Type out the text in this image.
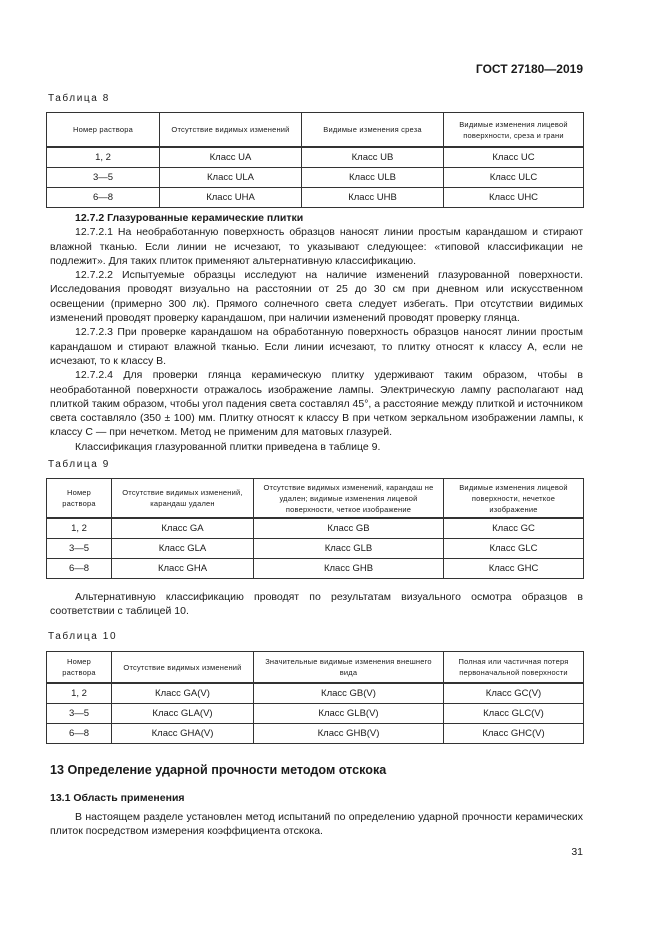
ГОСТ 27180—2019
Таблица 8
Номер раствора	Отсутствие видимых изменений	Видимые изменения среза	Видимые изменения лицевой поверхности, среза и грани
1, 2	Класс UA	Класс UB	Класс UC
3—5	Класс ULA	Класс ULB	Класс ULC
6—8	Класс UHA	Класс UHB	Класс UHC

12.7.2 Глазурованные керамические плитки

12.7.2.1 На необработанную поверхность образцов наносят линии простым карандашом и стирают влажной тканью. Если линии не исчезают, то указывают следующее: «типовой классификации не подлежит». Для таких плиток применяют альтернативную классификацию.

12.7.2.2 Испытуемые образцы исследуют на наличие изменений глазурованной поверхности. Исследования проводят визуально на расстоянии от 25 до 30 см при дневном или искусственном освещении (примерно 300 лк). Прямого солнечного света следует избегать. При отсутствии видимых изменений проводят проверку карандашом, при наличии изменений проводят проверку глянца.

12.7.2.3 При проверке карандашом на обработанную поверхность образцов наносят линии простым карандашом и стирают влажной тканью. Если линии исчезают, то плитку относят к классу A, если не исчезают, то к классу B.

12.7.2.4 Для проверки глянца керамическую плитку удерживают таким образом, чтобы в необработанной поверхности отражалось изображение лампы. Электрическую лампу располагают над плиткой таким образом, чтобы угол падения света составлял 45°, а расстояние между плиткой и источником света составляло (350 ± 100) мм. Плитку относят к классу B при четком зеркальном изображении лампы, к классу C — при нечетком. Метод не применим для матовых глазурей.

Классификация глазурованной плитки приведена в таблице 9.

Таблица 9
Номер раствора	Отсутствие видимых изменений, карандаш удален	Отсутствие видимых изменений, карандаш не удален; видимые изменения лицевой поверхности, четкое изображение	Видимые изменения лицевой поверхности, нечеткое изображение
1, 2	Класс GA	Класс GB	Класс GC
3—5	Класс GLA	Класс GLB	Класс GLC
6—8	Класс GHA	Класс GHB	Класс GHC

Альтернативную классификацию проводят по результатам визуального осмотра образцов в соответствии с таблицей 10.

Таблица 10
Номер раствора	Отсутствие видимых изменений	Значительные видимые изменения внешнего вида	Полная или частичная потеря первоначальной поверхности
1, 2	Класс GA(V)	Класс GB(V)	Класс GC(V)
3—5	Класс GLA(V)	Класс GLB(V)	Класс GLC(V)
6—8	Класс GHA(V)	Класс GHB(V)	Класс GHC(V)
13 Определение ударной прочности методом отскока
13.1 Область применения

В настоящем разделе установлен метод испытаний по определению ударной прочности керамических плиток посредством измерения коэффициента отскока.

31
